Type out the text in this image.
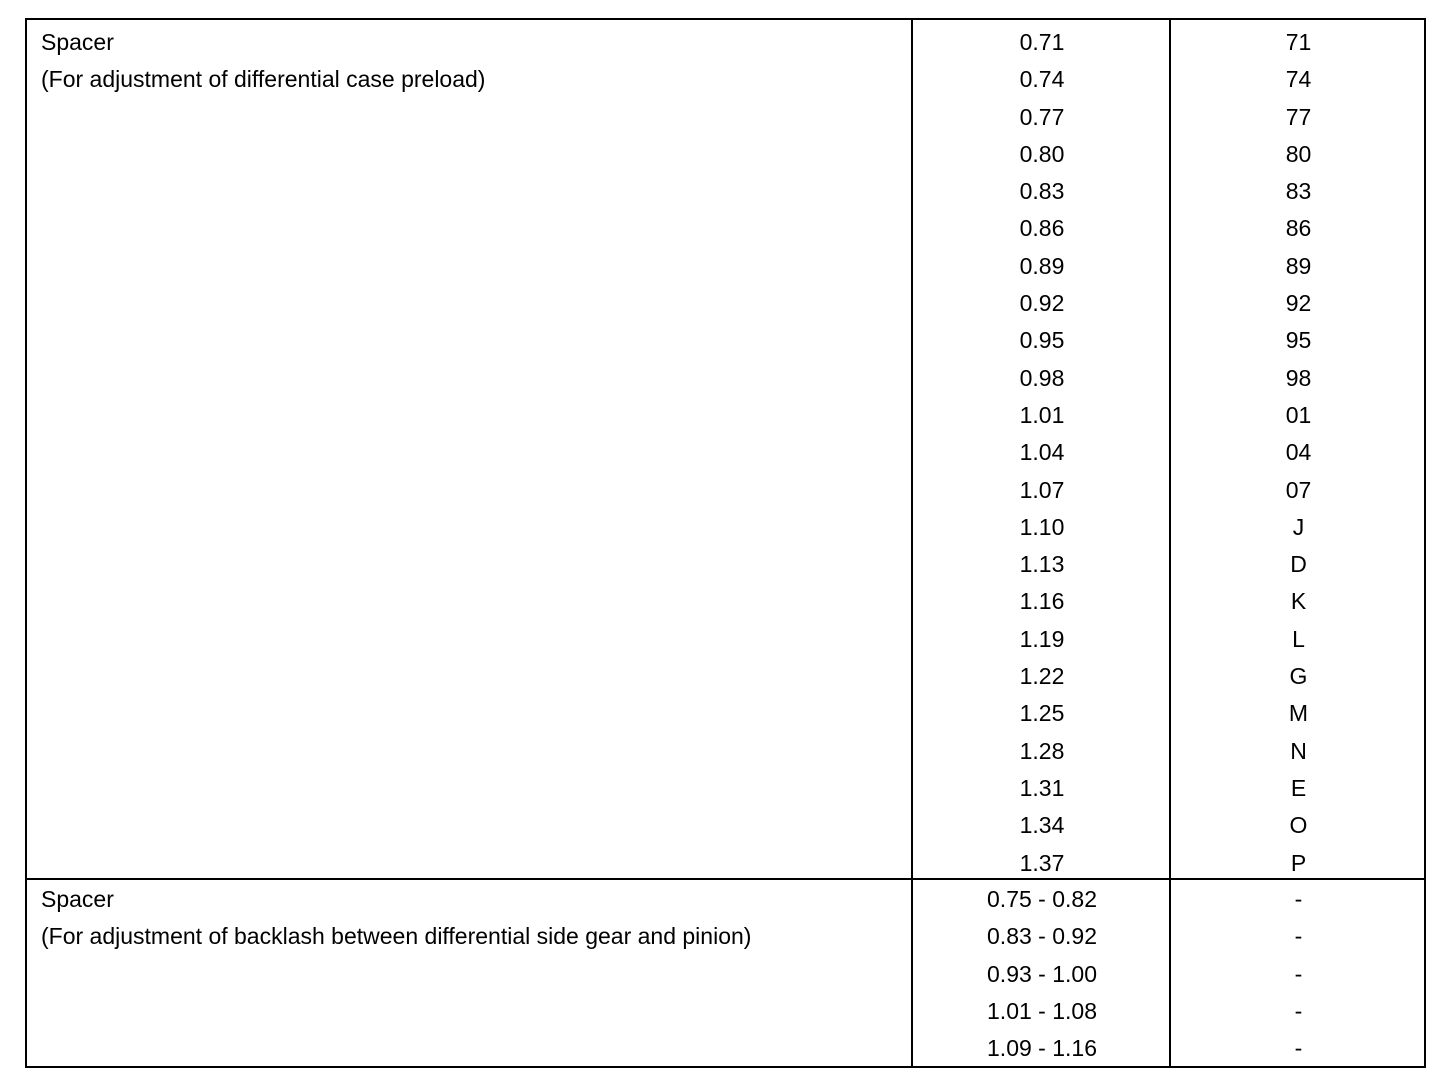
Spacer
(For adjustment of differential case preload)
0.71
0.74
0.77
0.80
0.83
0.86
0.89
0.92
0.95
0.98
1.01
1.04
1.07
1.10
1.13
1.16
1.19
1.22
1.25
1.28
1.31
1.34
1.37
71
74
77
80
83
86
89
92
95
98
01
04
07
J
D
K
L
G
M
N
E
O
P
Spacer
(For adjustment of backlash between differential side gear and pinion)
0.75 - 0.82
0.83 - 0.92
0.93 - 1.00
1.01 - 1.08
1.09 - 1.16
-
-
-
-
-
